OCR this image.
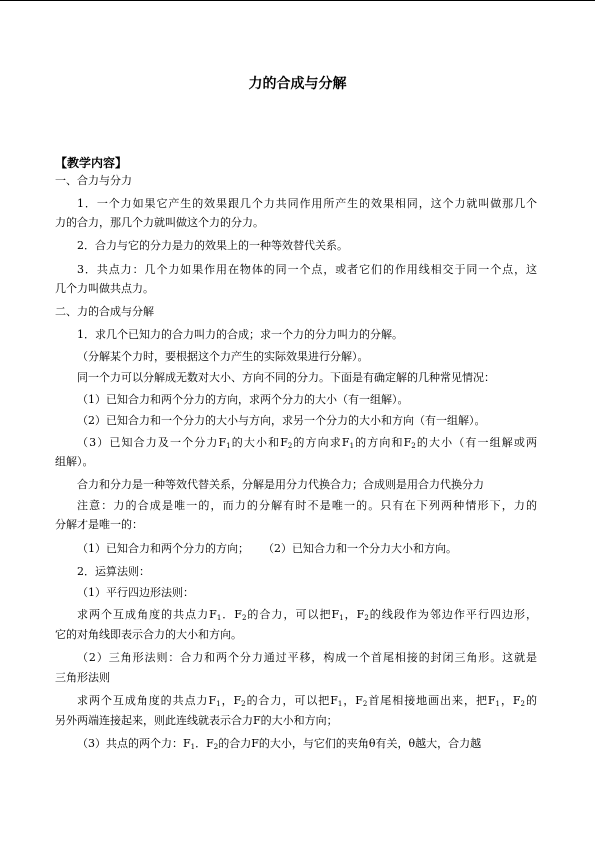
力的合成与分解
【教学内容】
一、合力与分力
1．一个力如果它产生的效果跟几个力共同作用所产生的效果相同，这个力就叫做那几个
力的合力，那几个力就叫做这个力的分力。
2．合力与它的分力是力的效果上的一种等效替代关系。
3．共点力：几个力如果作用在物体的同一个点，或者它们的作用线相交于同一个点，这
几个力叫做共点力。
二、力的合成与分解
1．求几个已知力的合力叫力的合成；求一个力的分力叫力的分解。
（分解某个力时，要根据这个力产生的实际效果进行分解）。
同一个力可以分解成无数对大小、方向不同的分力。下面是有确定解的几种常见情况：
（1）已知合力和两个分力的方向，求两个分力的大小（有一组解）。
（2）已知合力和一个分力的大小与方向，求另一个分力的大小和方向（有一组解）。
（3）已知合力及一个分力$F_1$的大小和$F_2$的方向求$F_1$的方向和$F_2$的大小（有一组解或两
组解）。
合力和分力是一种等效代替关系，分解是用分力代换合力；合成则是用合力代换分力
注意：力的合成是唯一的，而力的分解有时不是唯一的。只有在下列两种情形下，力的
分解才是唯一的：
（1）已知合力和两个分力的方向； （2）已知合力和一个分力大小和方向。
2．运算法则：
（1）平行四边形法则：
求两个互成角度的共点力$F_1$．$F_2$的合力，可以把$F_1$，$F_2$的线段作为邻边作平行四边形，
它的对角线即表示合力的大小和方向。
（2）三角形法则：合力和两个分力通过平移，构成一个首尾相接的封闭三角形。这就是
三角形法则
求两个互成角度的共点力$F_1$，$F_2$的合力，可以把$F_1$，$F_2$首尾相接地画出来，把$F_1$，$F_2$的
另外两端连接起来，则此连线就表示合力F的大小和方向；
（3）共点的两个力：$F_1$．$F_2$的合力F的大小，与它们的夹角θ有关，θ越大，合力越
